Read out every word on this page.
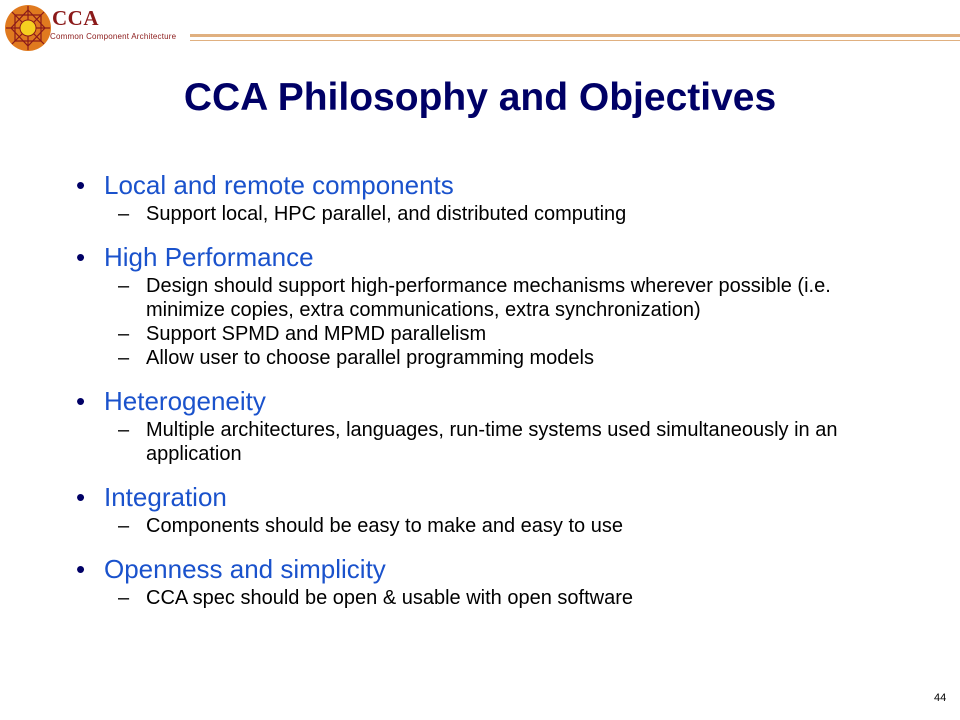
CCA
Common Component Architecture
CCA Philosophy and Objectives
• Local and remote components
– Support local, HPC parallel, and distributed computing
• High Performance
– Design should support high-performance mechanisms wherever possible (i.e. minimize copies, extra communications, extra synchronization)
– Support SPMD and MPMD parallelism
– Allow user to choose parallel programming models
• Heterogeneity
– Multiple architectures, languages, run-time systems used simultaneously in an application
• Integration
– Components should be easy to make and easy to use
• Openness and simplicity
– CCA spec should be open & usable with open software
44
